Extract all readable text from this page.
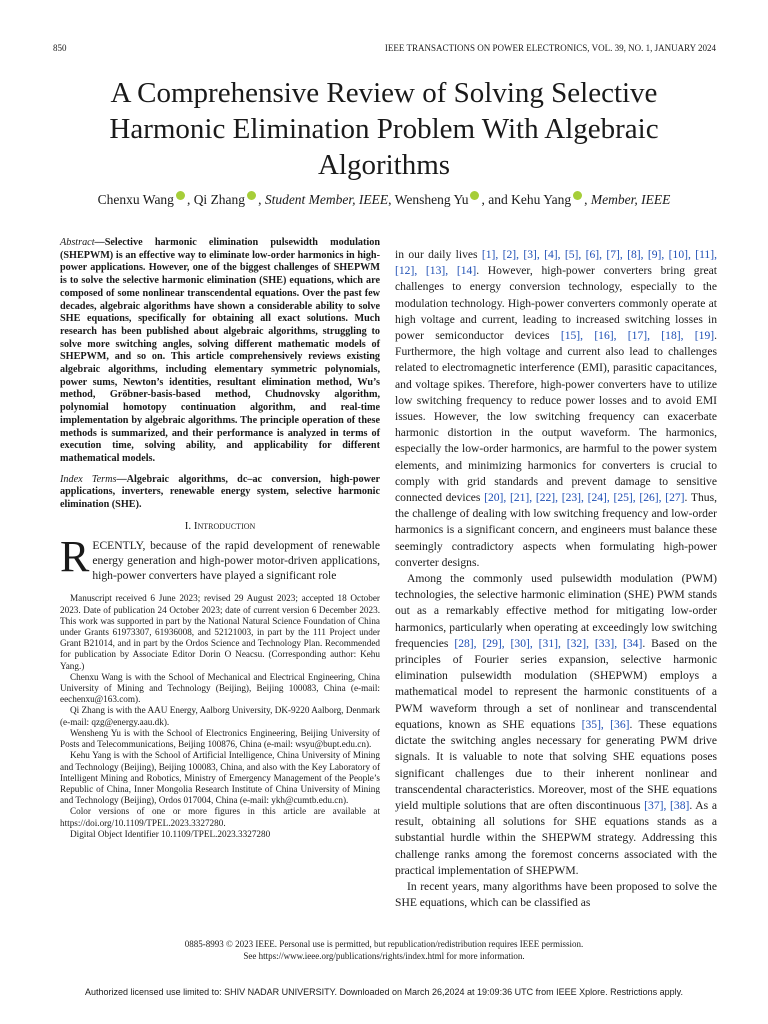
850	IEEE TRANSACTIONS ON POWER ELECTRONICS, VOL. 39, NO. 1, JANUARY 2024
A Comprehensive Review of Solving Selective Harmonic Elimination Problem With Algebraic Algorithms
Chenxu Wang , Qi Zhang , Student Member, IEEE, Wensheng Yu , and Kehu Yang , Member, IEEE
Abstract—Selective harmonic elimination pulsewidth modulation (SHEPWM) is an effective way to eliminate low-order harmonics in high-power applications. However, one of the biggest challenges of SHEPWM is to solve the selective harmonic elimination (SHE) equations, which are composed of some nonlinear transcendental equations. Over the past few decades, algebraic algorithms have shown a considerable ability to solve SHE equations, specifically for obtaining all exact solutions. Much research has been published about algebraic algorithms, struggling to solve more switching angles, solving different mathematic models of SHEPWM, and so on. This article comprehensively reviews existing algebraic algorithms, including elementary symmetric polynomials, power sums, Newton’s identities, resultant elimination method, Wu’s method, Gröbner-basis-based method, Chudnovsky algorithm, polynomial homotopy continuation algorithm, and real-time implementation by algebraic algorithms. The principle operation of these methods is summarized, and their performance is analyzed in terms of execution time, solving ability, and applicability for different mathematical models.
Index Terms—Algebraic algorithms, dc–ac conversion, high-power applications, inverters, renewable energy system, selective harmonic elimination (SHE).
I. Introduction
RECENTLY, because of the rapid development of renewable energy generation and high-power motor-driven applications, high-power converters have played a significant role

Manuscript received 6 June 2023; revised 29 August 2023; accepted 18 October 2023. Date of publication 24 October 2023; date of current version 6 December 2023. This work was supported in part by the National Natural Science Foundation of China under Grants 61973307, 61936008, and 52121003, in part by the 111 Project under Grant B21014, and in part by the Ordos Science and Technology Plan. Recommended for publication by Associate Editor Dorin O Neacsu. (Corresponding author: Kehu Yang.)

Chenxu Wang is with the School of Mechanical and Electrical Engineering, China University of Mining and Technology (Beijing), Beijing 100083, China (e-mail: eechenxu@163.com).

Qi Zhang is with the AAU Energy, Aalborg University, DK-9220 Aalborg, Denmark (e-mail: qzg@energy.aau.dk).

Wensheng Yu is with the School of Electronics Engineering, Beijing University of Posts and Telecommunications, Beijing 100876, China (e-mail: wsyu@bupt.edu.cn).

Kehu Yang is with the School of Artificial Intelligence, China University of Mining and Technology (Beijing), Beijing 100083, China, and also with the Key Laboratory of Intelligent Mining and Robotics, Ministry of Emergency Management of the People’s Republic of China, Inner Mongolia Research Institute of China University of Mining and Technology (Beijing), Ordos 017004, China (e-mail: ykh@cumtb.edu.cn).

Color versions of one or more figures in this article are available at https://doi.org/10.1109/TPEL.2023.3327280.

Digital Object Identifier 10.1109/TPEL.2023.3327280

in our daily lives [1], [2], [3], [4], [5], [6], [7], [8], [9], [10], [11], [12], [13], [14]. However, high-power converters bring great challenges to energy conversion technology, especially to the modulation technology. High-power converters commonly operate at high voltage and current, leading to increased switching losses in power semiconductor devices [15], [16], [17], [18], [19]. Furthermore, the high voltage and current also lead to challenges related to electromagnetic interference (EMI), parasitic capacitances, and voltage spikes. Therefore, high-power converters have to utilize low switching frequency to reduce power losses and to avoid EMI issues. However, the low switching frequency can exacerbate harmonic distortion in the output waveform. The harmonics, especially the low-order harmonics, are harmful to the power system elements, and minimizing harmonics for converters is crucial to comply with grid standards and prevent damage to sensitive connected devices [20], [21], [22], [23], [24], [25], [26], [27]. Thus, the challenge of dealing with low switching frequency and low-order harmonics is a significant concern, and engineers must balance these seemingly contradictory aspects when formulating high-power converter designs.

Among the commonly used pulsewidth modulation (PWM) technologies, the selective harmonic elimination (SHE) PWM stands out as a remarkably effective method for mitigating low-order harmonics, particularly when operating at exceedingly low switching frequencies [28], [29], [30], [31], [32], [33], [34]. Based on the principles of Fourier series expansion, selective harmonic elimination pulsewidth modulation (SHEPWM) employs a mathematical model to represent the harmonic constituents of a PWM waveform through a set of nonlinear and transcendental equations, known as SHE equations [35], [36]. These equations dictate the switching angles necessary for generating PWM drive signals. It is valuable to note that solving SHE equations poses significant challenges due to their inherent nonlinear and transcendental characteristics. Moreover, most of the SHE equations yield multiple solutions that are often discontinuous [37], [38]. As a result, obtaining all solutions for SHE equations stands as a substantial hurdle within the SHEPWM strategy. Addressing this challenge ranks among the foremost concerns associated with the practical implementation of SHEPWM.

In recent years, many algorithms have been proposed to solve the SHE equations, which can be classified as

0885-8993 © 2023 IEEE. Personal use is permitted, but republication/redistribution requires IEEE permission.
See https://www.ieee.org/publications/rights/index.html for more information.
Authorized licensed use limited to: SHIV NADAR UNIVERSITY. Downloaded on March 26,2024 at 19:09:36 UTC from IEEE Xplore. Restrictions apply.
